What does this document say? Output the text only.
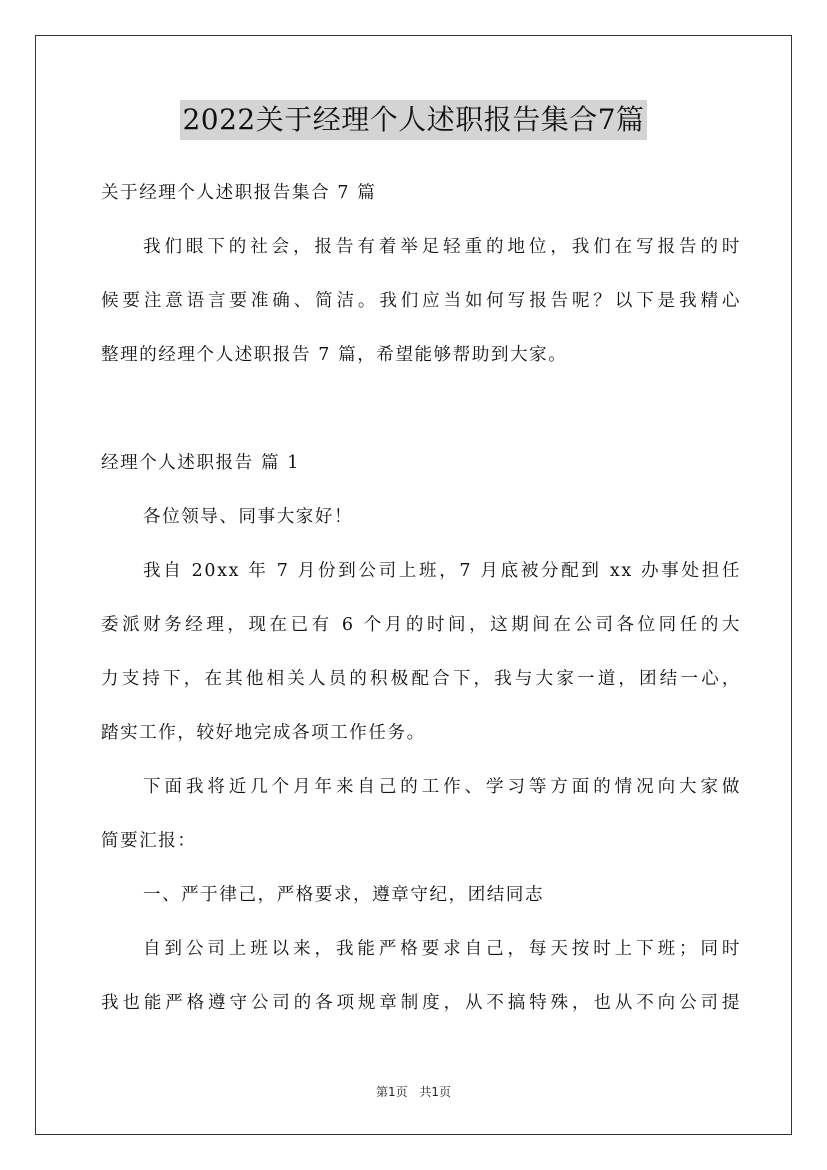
2022关于经理个人述职报告集合7篇
关于经理个人述职报告集合 7 篇
我们眼下的社会，报告有着举足轻重的地位，我们在写报告的时
候要注意语言要准确、简洁。我们应当如何写报告呢？以下是我精心
整理的经理个人述职报告 7 篇，希望能够帮助到大家。
经理个人述职报告 篇 1
各位领导、同事大家好！
我自 20xx 年 7 月份到公司上班，7 月底被分配到 xx 办事处担任
委派财务经理，现在已有 6 个月的时间，这期间在公司各位同任的大
力支持下，在其他相关人员的积极配合下，我与大家一道，团结一心，
踏实工作，较好地完成各项工作任务。
下面我将近几个月年来自己的工作、学习等方面的情况向大家做
简要汇报：
一、严于律己，严格要求，遵章守纪，团结同志
自到公司上班以来，我能严格要求自己，每天按时上下班；同时
我也能严格遵守公司的各项规章制度，从不搞特殊，也从不向公司提
第1页 共1页
